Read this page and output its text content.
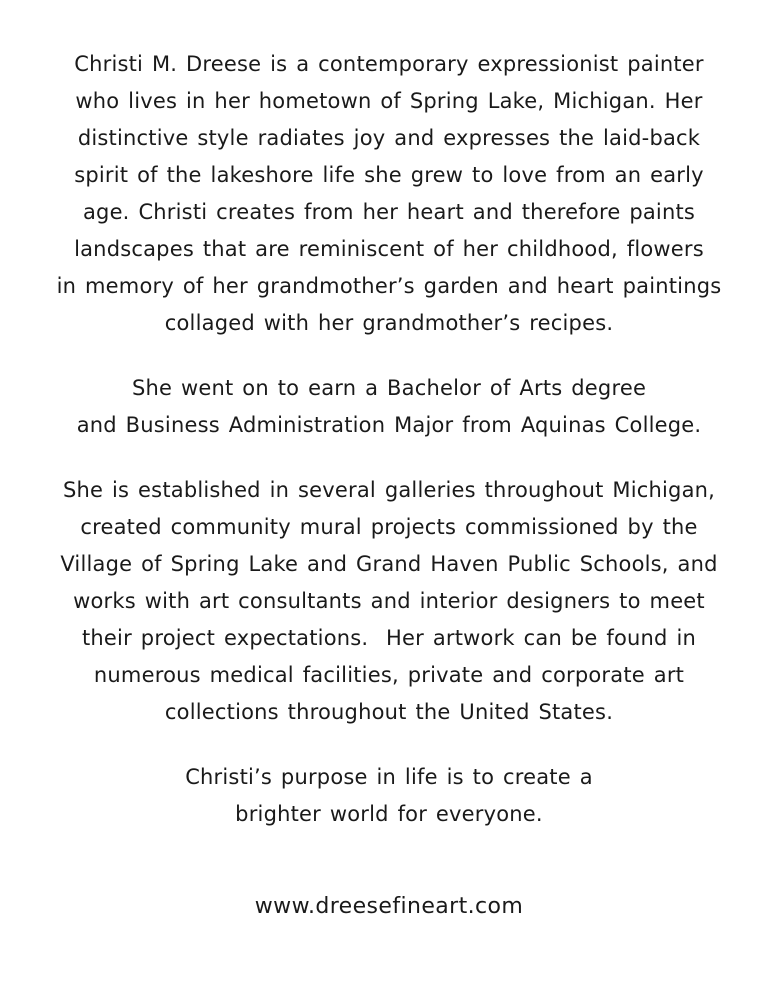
Christi M. Dreese is a contemporary expressionist painter
who lives in her hometown of Spring Lake, Michigan. Her
distinctive style radiates joy and expresses the laid-back
spirit of the lakeshore life she grew to love from an early
age. Christi creates from her heart and therefore paints
landscapes that are reminiscent of her childhood, flowers
in memory of her grandmother’s garden and heart paintings
collaged with her grandmother’s recipes.

She went on to earn a Bachelor of Arts degree
and Business Administration Major from Aquinas College.

She is established in several galleries throughout Michigan,
created community mural projects commissioned by the
Village of Spring Lake and Grand Haven Public Schools, and
works with art consultants and interior designers to meet
their project expectations.  Her artwork can be found in
numerous medical facilities, private and corporate art
collections throughout the United States.

Christi’s purpose in life is to create a
brighter world for everyone.

www.dreesefineart.com
